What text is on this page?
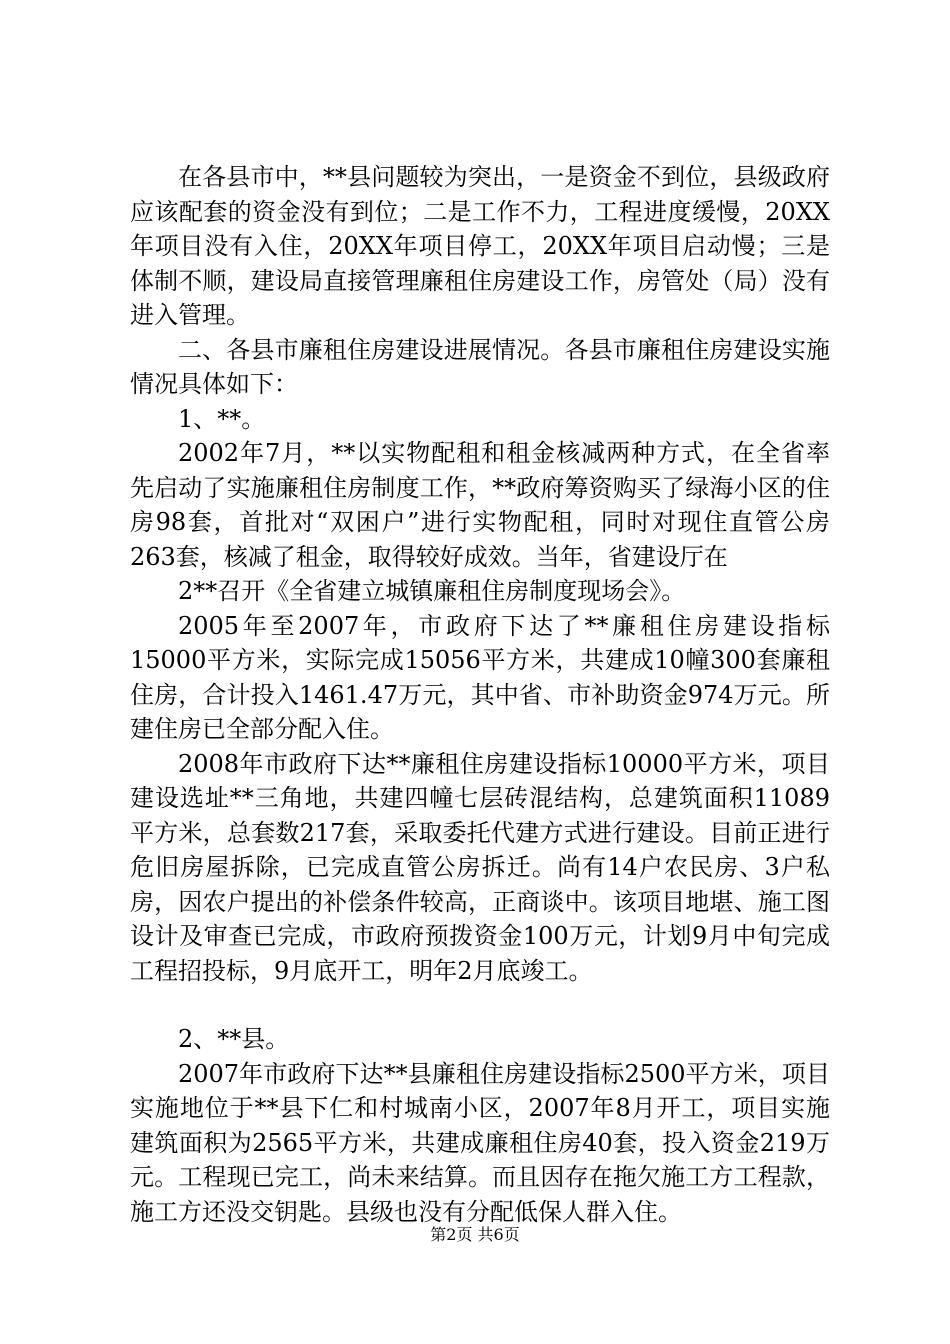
在各县市中，**县问题较为突出，一是资金不到位，县级政府应该配套的资金没有到位；二是工作不力，工程进度缓慢，20XX年项目没有入住，20XX年项目停工，20XX年项目启动慢；三是体制不顺，建设局直接管理廉租住房建设工作，房管处（局）没有进入管理。

二、各县市廉租住房建设进展情况。各县市廉租住房建设实施情况具体如下：

1、**。

2002年7月，**以实物配租和租金核减两种方式，在全省率先启动了实施廉租住房制度工作，**政府筹资购买了绿海小区的住房98套，首批对“双困户”进行实物配租，同时对现住直管公房263套，核减了租金，取得较好成效。当年，省建设厅在

2**召开《全省建立城镇廉租住房制度现场会》。

2005年至2007年，市政府下达了**廉租住房建设指标15000平方米，实际完成15056平方米，共建成10幢300套廉租住房，合计投入1461.47万元，其中省、市补助资金974万元。所建住房已全部分配入住。

2008年市政府下达**廉租住房建设指标10000平方米，项目建设选址**三角地，共建四幢七层砖混结构，总建筑面积11089平方米，总套数217套，采取委托代建方式进行建设。目前正进行危旧房屋拆除，已完成直管公房拆迁。尚有14户农民房、3户私房，因农户提出的补偿条件较高，正商谈中。该项目地堪、施工图设计及审查已完成，市政府预拨资金100万元，计划9月中旬完成工程招投标，9月底开工，明年2月底竣工。

2、**县。

2007年市政府下达**县廉租住房建设指标2500平方米，项目实施地位于**县下仁和村城南小区，2007年8月开工，项目实施建筑面积为2565平方米，共建成廉租住房40套，投入资金219万元。工程现已完工，尚未来结算。而且因存在拖欠施工方工程款，施工方还没交钥匙。县级也没有分配低保人群入住。

第2页 共6页
